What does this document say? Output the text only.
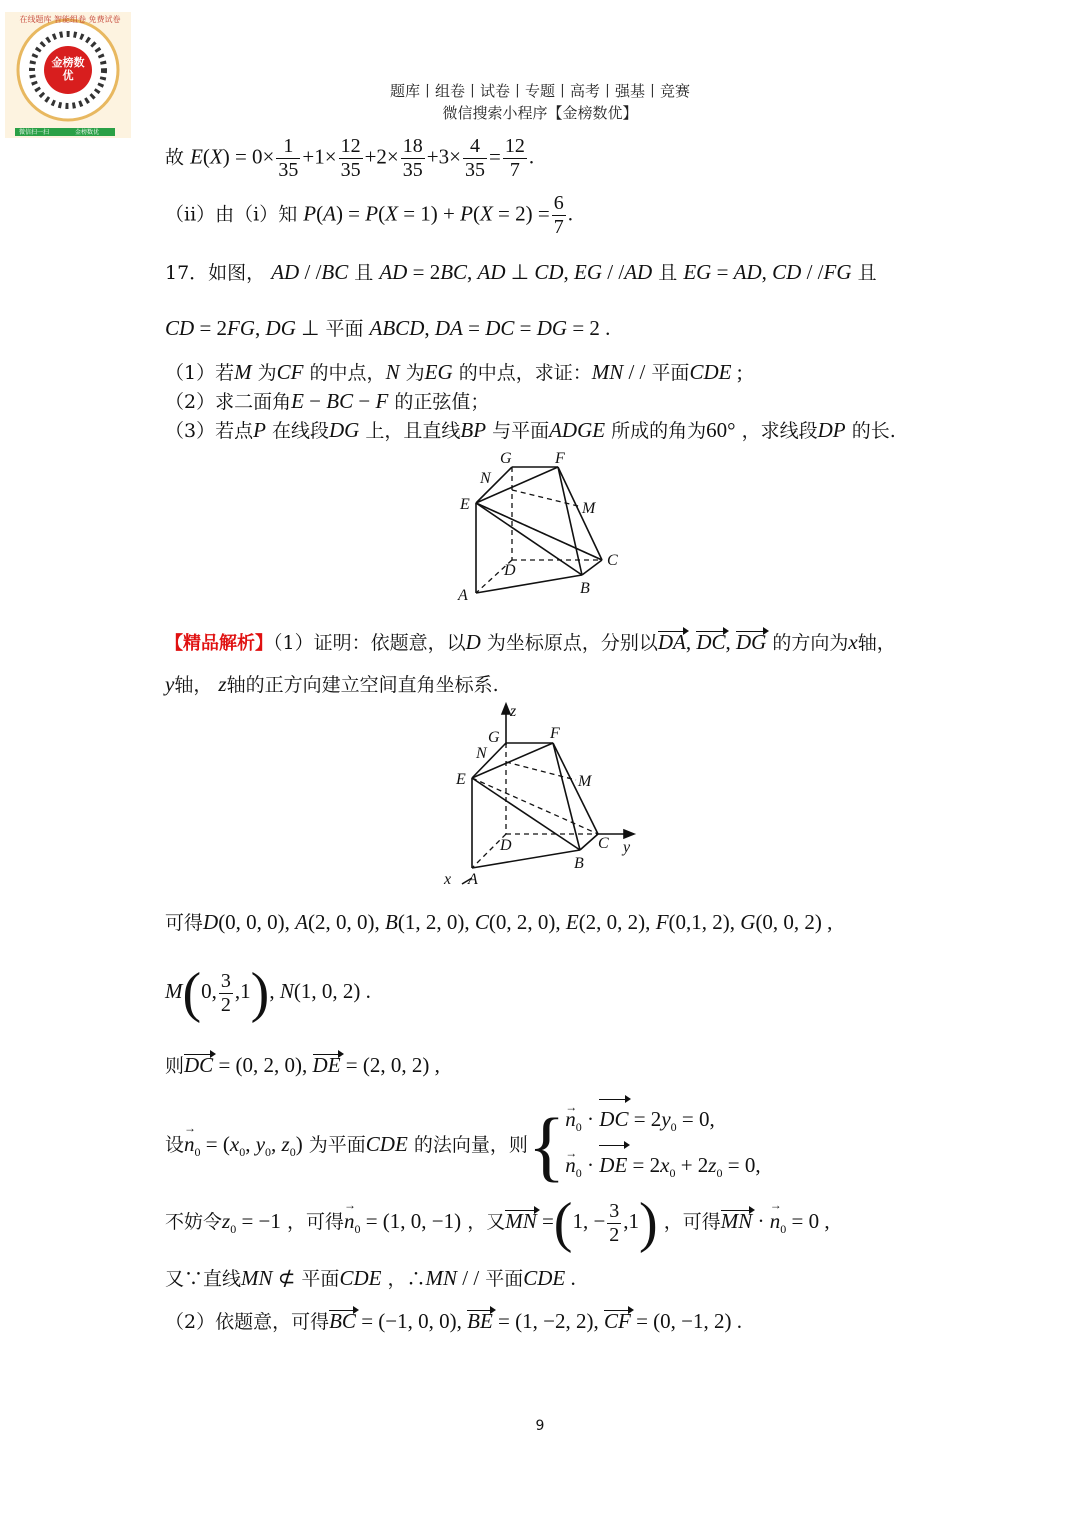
金榜数优
在线题库 智能组卷 免费试卷
微信扫一扫	金榜数优
题库丨组卷丨试卷丨专题丨高考丨强基丨竞赛
微信搜索小程序【金榜数优】
故 $E(X) = 0\times \frac{1}{35} +1\times \frac{12}{35} +2\times \frac{18}{35} +3\times \frac{4}{35} = \frac{12}{7}$ .
（ii）由（i）知 $P(A) = P(X = 1) + P(X = 2) = \frac{6}{7}$ .
17．如图， AD / /BC 且 AD = 2BC, AD ⊥ CD, EG / /AD 且 EG = AD, CD / /FG 且
CD = 2FG, DG ⊥ 平面 ABCD, DA = DC = DG = 2 .
（1）若M 为CF 的中点，N 为EG 的中点，求证：MN / / 平面CDE ;
（2）求二面角E − BC − F 的正弦值；
（3）若点P 在线段DG 上，且直线BP 与平面ADGE 所成的角为60° ，求线段DP 的长.
G	F
N
E	M
C
D
B
A
【精品解析】（1）证明：依题意，以D 为坐标原点，分别以DA, DC, DG 的方向为x轴，
y轴， z轴的正方向建立空间直角坐标系.
z
G	F
N
E	M
C y
D
B
x A
可得D(0, 0, 0), A(2, 0, 0), B(1, 2, 0), C(0, 2, 0), E(2, 0, 2), F(0,1, 2), G(0, 0, 2) ,
M(0, $\frac{3}{2} ,1$), N(1, 0, 2) .
则DC = (0, 2, 0), DE = (2, 0, 2) ,
设→ $n_0 = (x_0$, $y_0$, $z_0$) 为平面CDE 的法向量，则{
→ $n_0$ · DC = $2y_0 = 0$,
→ $n_0$ · DE = $2x_0 + 2z_0 = 0$,
不妨令$z_0 = -1$ ，可得→ $n_0 = (1$, 0, −1) ，又MN =(1, − $\frac{3}{2} ,1$) ，可得MN · → $n_0 = 0$ ,
又∵直线MN ⊄ 平面CDE ，∴MN / / 平面CDE .
（2）依题意，可得BC = (−1, 0, 0), BE = (1, −2, 2), CF = (0, −1, 2) .
9
